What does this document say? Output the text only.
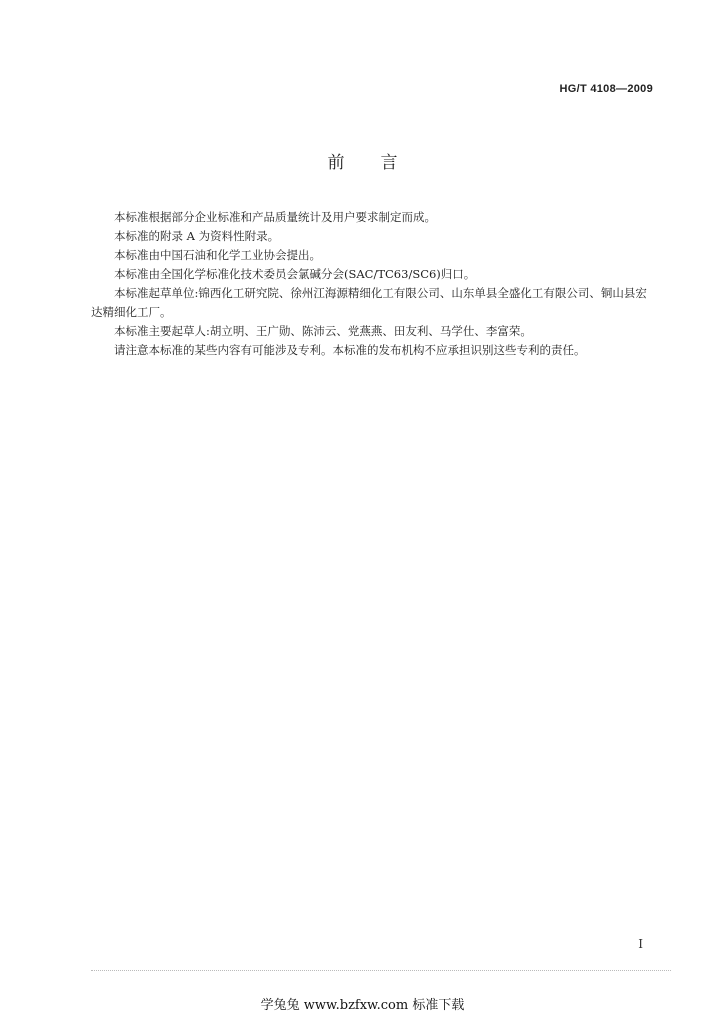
HG/T 4108—2009
前言

本标准根据部分企业标准和产品质量统计及用户要求制定而成。

本标准的附录 A 为资料性附录。

本标准由中国石油和化学工业协会提出。

本标准由全国化学标准化技术委员会氯碱分会(SAC/TC63/SC6)归口。

本标准起草单位:锦西化工研究院、徐州江海源精细化工有限公司、山东单县全盛化工有限公司、铜山县宏达精细化工厂。

本标准主要起草人:胡立明、王广勋、陈沛云、党燕燕、田友利、马学仕、李富荣。

请注意本标准的某些内容有可能涉及专利。本标准的发布机构不应承担识别这些专利的责任。

I
学兔兔 www.bzfxw.com 标准下载
